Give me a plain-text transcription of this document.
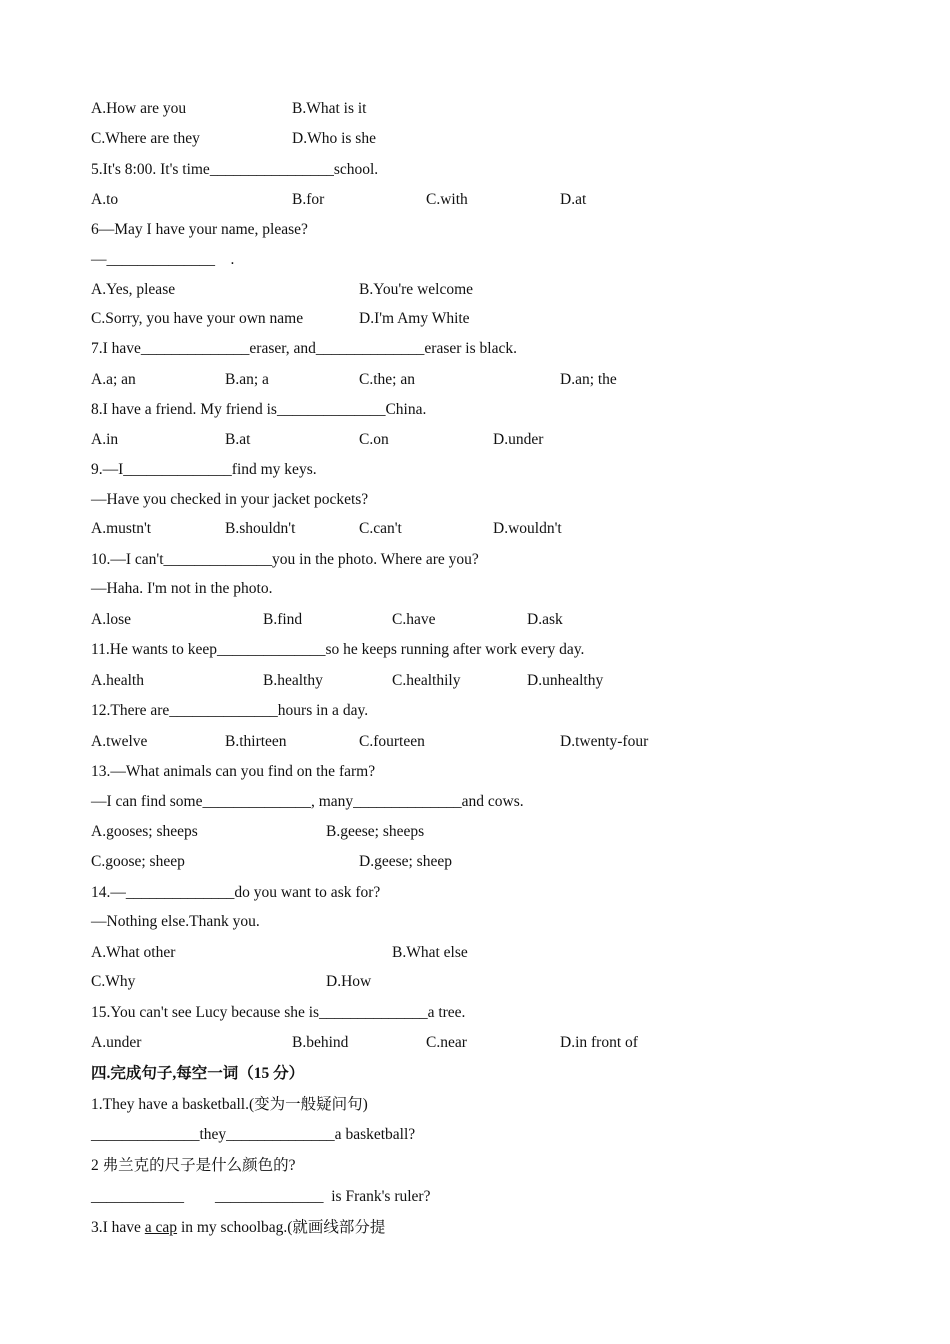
A.How are you	B.What is it
C.Where are they	D.Who is she
5.It's 8:00. It's time________________school.
A.to	B.for	C.with	D.at
6—May I have your name, please?
—______________    .
A.Yes, please	B.You're welcome
C.Sorry, you have your own name	D.I'm Amy White
7.I have______________eraser, and______________eraser is black.
A.a; an	B.an; a	C.the; an	D.an; the
8.I have a friend. My friend is______________China.
A.in	B.at	C.on	D.under
9.—I______________find my keys.
—Have you checked in your jacket pockets?
A.mustn't	B.shouldn't	C.can't	D.wouldn't
10.—I can't______________you in the photo. Where are you?
—Haha. I'm not in the photo.
A.lose	B.find	C.have	D.ask
11.He wants to keep______________so he keeps running after work every day.
A.health	B.healthy	C.healthily	D.unhealthy
12.There are______________hours in a day.
A.twelve	B.thirteen	C.fourteen	D.twenty-four
13.—What animals can you find on the farm?
—I can find some______________, many______________and cows.
A.gooses; sheeps	B.geese; sheeps
C.goose; sheep	D.geese; sheep
14.—______________do you want to ask for?
—Nothing else.Thank you.
A.What other	B.What else
C.Why	D.How
15.You can't see Lucy because she is______________a tree.
A.under	B.behind	C.near	D.in front of
四.完成句子,每空一词（15 分）
1.They have a basketball.(变为一般疑问句)
______________they______________a basketball?
2 弗兰克的尺子是什么颜色的?
____________        ______________  is Frank's ruler?
3.I have a cap in my schoolbag.(就画线部分提
